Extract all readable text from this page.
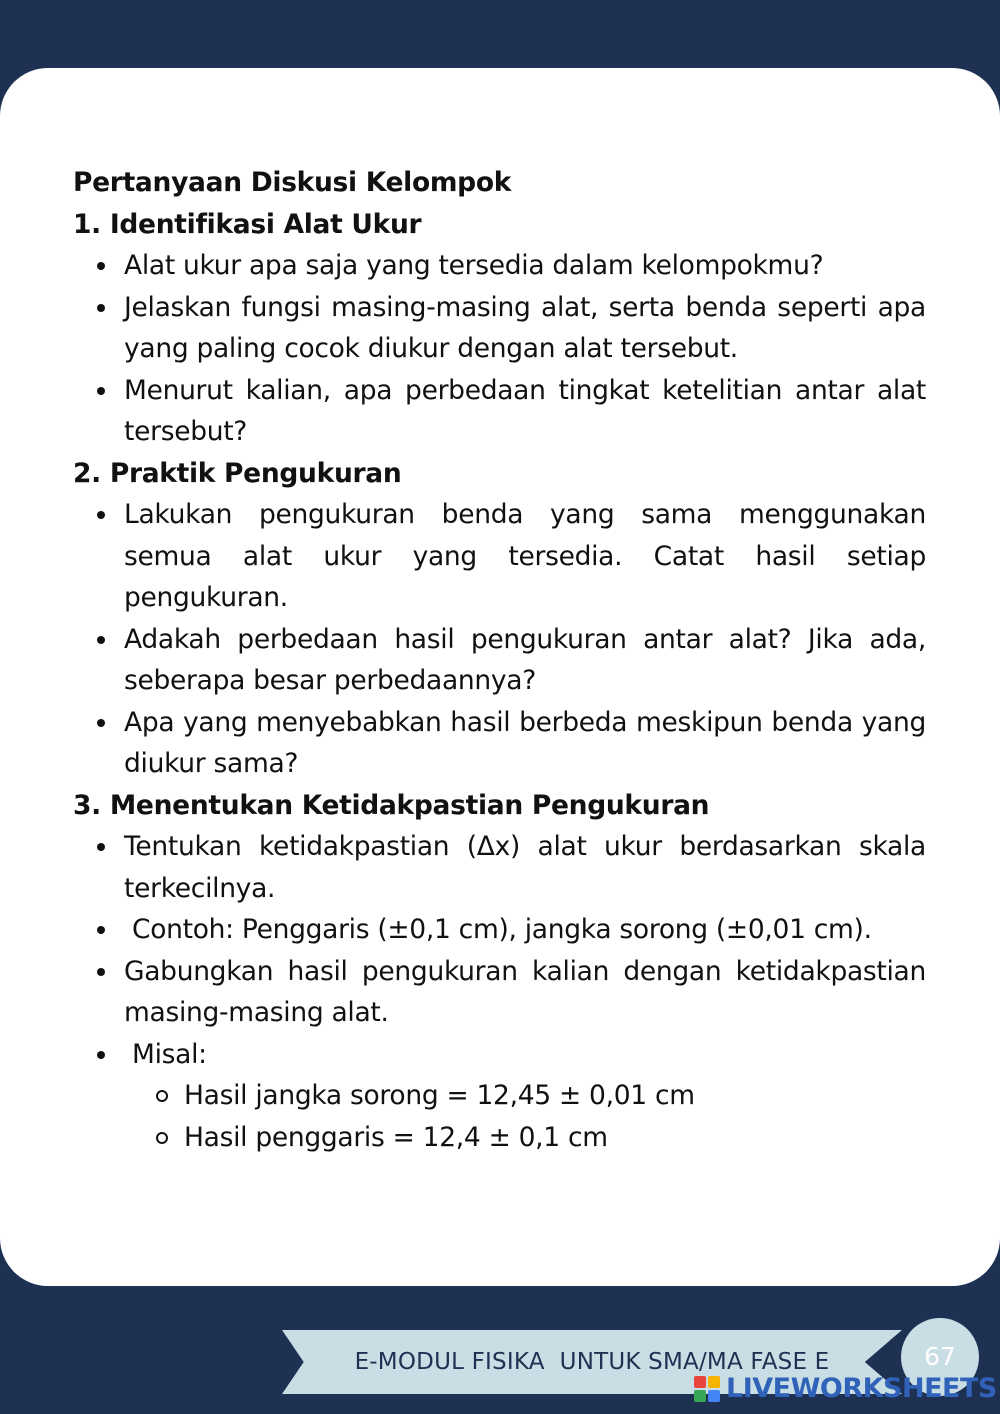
Pertanyaan Diskusi Kelompok

1. Identifikasi Alat Ukur

Alat ukur apa saja yang tersedia dalam kelompokmu?
Jelaskan fungsi masing-masing alat, serta benda seperti apa yang paling cocok diukur dengan alat tersebut.
Menurut kalian, apa perbedaan tingkat ketelitian antar alat tersebut?

2. Praktik Pengukuran

Lakukan pengukuran benda yang sama menggunakan semua alat ukur yang tersedia. Catat hasil setiap pengukuran.
Adakah perbedaan hasil pengukuran antar alat? Jika ada, seberapa besar perbedaannya?
Apa yang menyebabkan hasil berbeda meskipun benda yang diukur sama?

3. Menentukan Ketidakpastian Pengukuran

Tentukan ketidakpastian (Δx) alat ukur berdasarkan skala terkecilnya.
Contoh: Penggaris (±0,1 cm), jangka sorong (±0,01 cm).
Gabungkan hasil pengukuran kalian dengan ketidakpastian masing-masing alat.
Misal:
Hasil jangka sorong = 12,45 ± 0,01 cm
Hasil penggaris = 12,4 ± 0,1 cm
E-MODUL FISIKA  UNTUK SMA/MA FASE E	67
LIVEWORKSHEETS
